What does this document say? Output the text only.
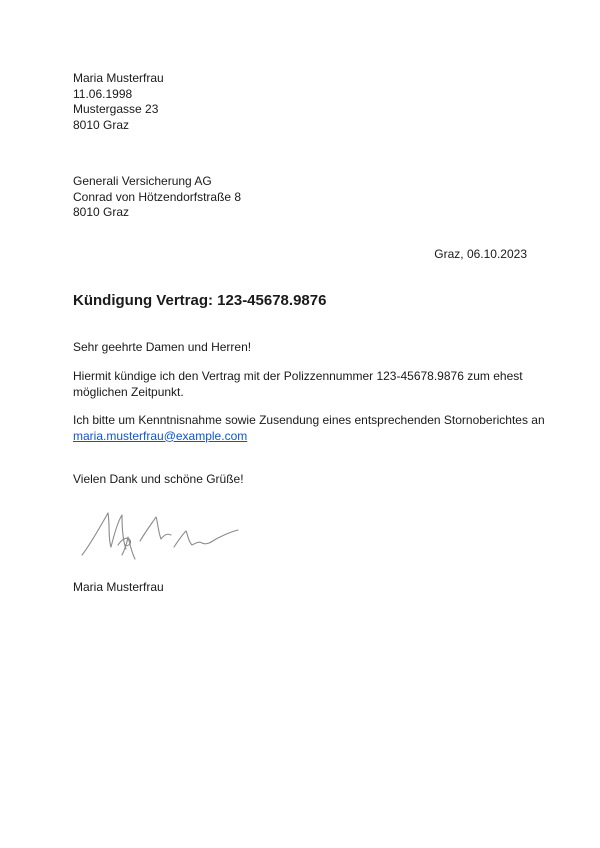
Maria Musterfrau
11.06.1998
Mustergasse 23
8010 Graz
Generali Versicherung AG
Conrad von Hötzendorfstraße 8
8010 Graz
Graz, 06.10.2023
Kündigung Vertrag: 123-45678.9876
Sehr geehrte Damen und Herren!
Hiermit kündige ich den Vertrag mit der Polizzennummer 123-45678.9876 zum ehest
möglichen Zeitpunkt.
Ich bitte um Kenntnisnahme sowie Zusendung eines entsprechenden Stornoberichtes an
maria.musterfrau@example.com
Vielen Dank und schöne Grüße!
Maria Musterfrau
